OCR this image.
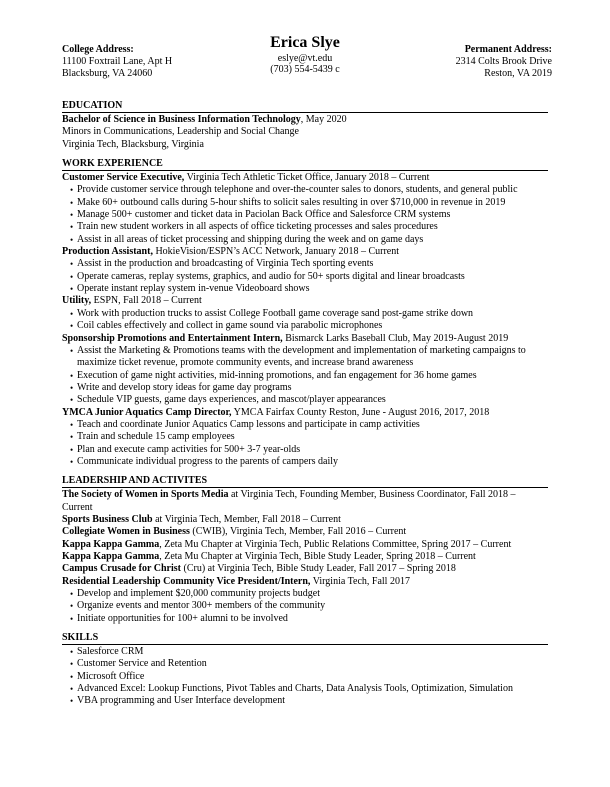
College Address:
11100 Foxtrail Lane, Apt H
Blacksburg, VA 24060
Erica Slye
eslye@vt.edu
(703) 554-5439 c
Permanent Address:
2314 Colts Brook Drive
Reston, VA 2019
EDUCATION
Bachelor of Science in Business Information Technology, May 2020
Minors in Communications, Leadership and Social Change
Virginia Tech, Blacksburg, Virginia
WORK EXPERIENCE
Customer Service Executive, Virginia Tech Athletic Ticket Office, January 2018 – Current
• Provide customer service through telephone and over-the-counter sales to donors, students, and general public
• Make 60+ outbound calls during 5-hour shifts to solicit sales resulting in over $710,000 in revenue in 2019
• Manage 500+ customer and ticket data in Paciolan Back Office and Salesforce CRM systems
• Train new student workers in all aspects of office ticketing processes and sales procedures
• Assist in all areas of ticket processing and shipping during the week and on game days
Production Assistant, HokieVision/ESPN’s ACC Network, January 2018 – Current
• Assist in the production and broadcasting of Virginia Tech sporting events
• Operate cameras, replay systems, graphics, and audio for 50+ sports digital and linear broadcasts
• Operate instant replay system in-venue Videoboard shows
Utility, ESPN, Fall 2018 – Current
• Work with production trucks to assist College Football game coverage sand post-game strike down
• Coil cables effectively and collect in game sound via parabolic microphones
Sponsorship Promotions and Entertainment Intern, Bismarck Larks Baseball Club, May 2019-August 2019
• Assist the Marketing & Promotions teams with the development and implementation of marketing campaigns to maximize ticket revenue, promote community events, and increase brand awareness
• Execution of game night activities, mid-inning promotions, and fan engagement for 36 home games
• Write and develop story ideas for game day programs
• Schedule VIP guests, game days experiences, and mascot/player appearances
YMCA Junior Aquatics Camp Director, YMCA Fairfax County Reston, June - August 2016, 2017, 2018
• Teach and coordinate Junior Aquatics Camp lessons and participate in camp activities
• Train and schedule 15 camp employees
• Plan and execute camp activities for 500+ 3-7 year-olds
• Communicate individual progress to the parents of campers daily
LEADERSHIP AND ACTIVITES
The Society of Women in Sports Media at Virginia Tech, Founding Member, Business Coordinator, Fall 2018 – Current
Sports Business Club at Virginia Tech, Member, Fall 2018 – Current
Collegiate Women in Business (CWIB), Virginia Tech, Member, Fall 2016 – Current
Kappa Kappa Gamma, Zeta Mu Chapter at Virginia Tech, Public Relations Committee, Spring 2017 – Current
Kappa Kappa Gamma, Zeta Mu Chapter at Virginia Tech, Bible Study Leader, Spring 2018 – Current
Campus Crusade for Christ (Cru) at Virginia Tech, Bible Study Leader, Fall 2017 – Spring 2018
Residential Leadership Community Vice President/Intern, Virginia Tech, Fall 2017
• Develop and implement $20,000 community projects budget
• Organize events and mentor 300+ members of the community
• Initiate opportunities for 100+ alumni to be involved
SKILLS
• Salesforce CRM
• Customer Service and Retention
• Microsoft Office
• Advanced Excel: Lookup Functions, Pivot Tables and Charts, Data Analysis Tools, Optimization, Simulation
• VBA programming and User Interface development
